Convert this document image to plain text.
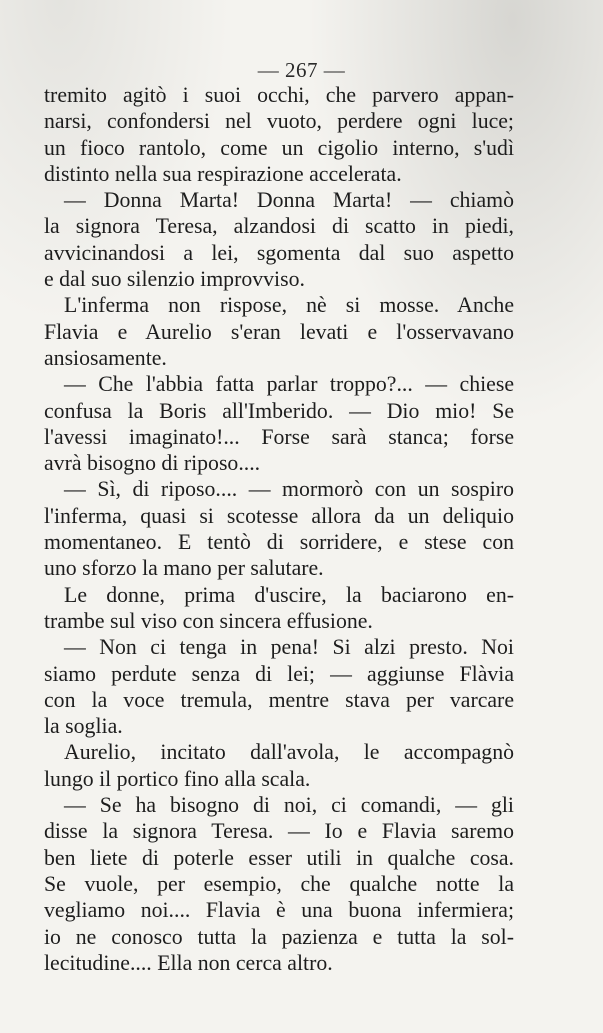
— 267 —
tremito agitò i suoi occhi, che parvero appan-
narsi, confondersi nel vuoto, perdere ogni luce;
un fioco rantolo, come un cigolio interno, s'udì
distinto nella sua respirazione accelerata.
— Donna Marta! Donna Marta! — chiamò
la signora Teresa, alzandosi di scatto in piedi,
avvicinandosi a lei, sgomenta dal suo aspetto
e dal suo silenzio improvviso.
L'inferma non rispose, nè si mosse. Anche
Flavia e Aurelio s'eran levati e l'osservavano
ansiosamente.
— Che l'abbia fatta parlar troppo?... — chiese
confusa la Boris all'Imberido. — Dio mio! Se
l'avessi imaginato!... Forse sarà stanca; forse
avrà bisogno di riposo....
— Sì, di riposo.... — mormorò con un sospiro
l'inferma, quasi si scotesse allora da un deliquio
momentaneo. E tentò di sorridere, e stese con
uno sforzo la mano per salutare.
Le donne, prima d'uscire, la baciarono en-
trambe sul viso con sincera effusione.
— Non ci tenga in pena! Si alzi presto. Noi
siamo perdute senza di lei; — aggiunse Flàvia
con la voce tremula, mentre stava per varcare
la soglia.
Aurelio, incitato dall'avola, le accompagnò
lungo il portico fino alla scala.
— Se ha bisogno di noi, ci comandi, — gli
disse la signora Teresa. — Io e Flavia saremo
ben liete di poterle esser utili in qualche cosa.
Se vuole, per esempio, che qualche notte la
vegliamo noi.... Flavia è una buona infermiera;
io ne conosco tutta la pazienza e tutta la sol-
lecitudine.... Ella non cerca altro.
